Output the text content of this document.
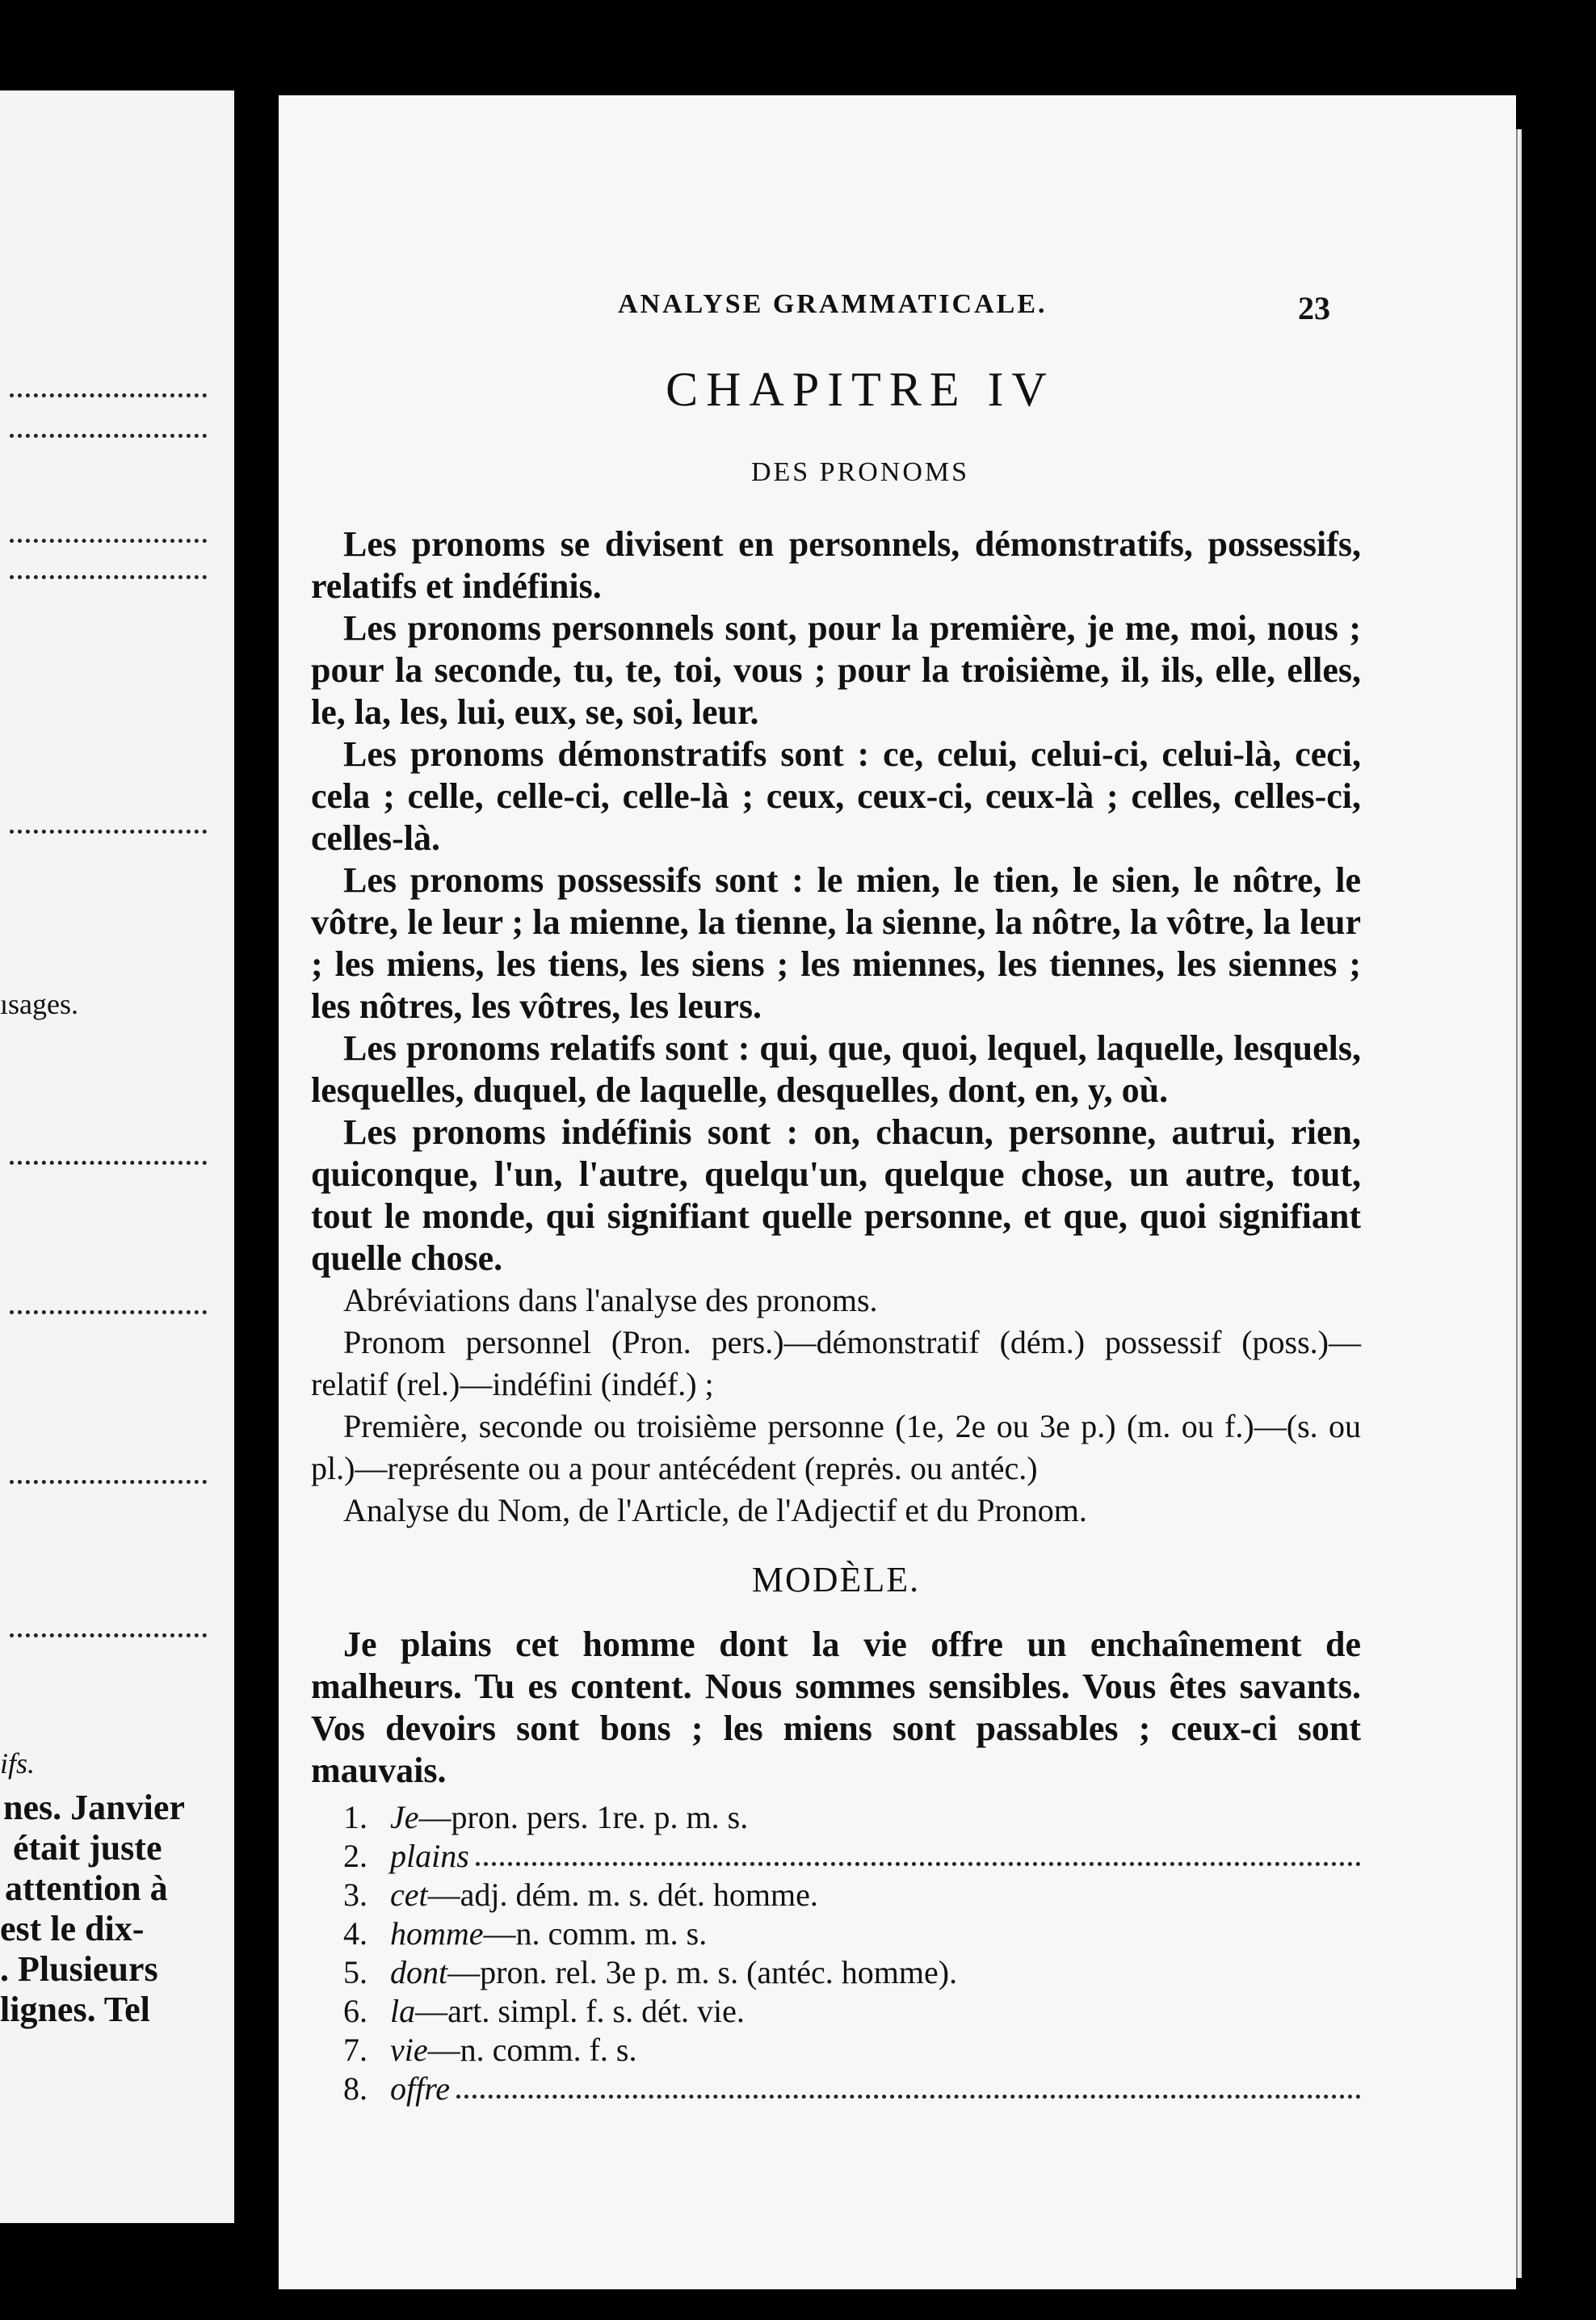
ısages.
ifs.
nes. Janvier
était juste
attention à
est le dix-
. Plusieurs
lignes. Tel
ANALYSE GRAMMATICALE.	23
CHAPITRE IV
DES PRONOMS

Les pronoms se divisent en personnels, démonstratifs, possessifs, relatifs et indéfinis.

Les pronoms personnels sont, pour la première, je me, moi, nous ; pour la seconde, tu, te, toi, vous ; pour la troisième, il, ils, elle, elles, le, la, les, lui, eux, se, soi, leur.

Les pronoms démonstratifs sont : ce, celui, celui-ci, celui-là, ceci, cela ; celle, celle-ci, celle-là ; ceux, ceux-ci, ceux-là ; celles, celles-ci, celles-là.

Les pronoms possessifs sont : le mien, le tien, le sien, le nôtre, le vôtre, le leur ; la mienne, la tienne, la sienne, la nôtre, la vôtre, la leur ; les miens, les tiens, les siens ; les miennes, les tiennes, les siennes ; les nôtres, les vôtres, les leurs.

Les pronoms relatifs sont : qui, que, quoi, lequel, laquelle, lesquels, lesquelles, duquel, de laquelle, desquelles, dont, en, y, où.

Les pronoms indéfinis sont : on, chacun, personne, autrui, rien, quiconque, l'un, l'autre, quelqu'un, quelque chose, un autre, tout, tout le monde, qui signifiant quelle personne, et que, quoi signifiant quelle chose.

Abréviations dans l'analyse des pronoms.

Pronom personnel (Pron. pers.)—démonstratif (dém.) possessif (poss.)—relatif (rel.)—indéfini (indéf.) ;

Première, seconde ou troisième personne (1e, 2e ou 3e p.) (m. ou f.)—(s. ou pl.)—représente ou a pour antécédent (reprės. ou antéc.)

Analyse du Nom, de l'Article, de l'Adjectif et du Pronom.

MODÈLE.

Je plains cet homme dont la vie offre un enchaînement de malheurs. Tu es content. Nous sommes sensibles. Vous êtes savants. Vos devoirs sont bons ; les miens sont passables ; ceux-ci sont mauvais.

1. Je —pron. pers. 1re. p. m. s.
2. plains
3. cet —adj. dém. m. s. dét. homme.
4. homme —n. comm. m. s.
5. dont —pron. rel. 3e p. m. s. (antéc. homme).
6. la —art. simpl. f. s. dét. vie.
7. vie —n. comm. f. s.
8. offre
